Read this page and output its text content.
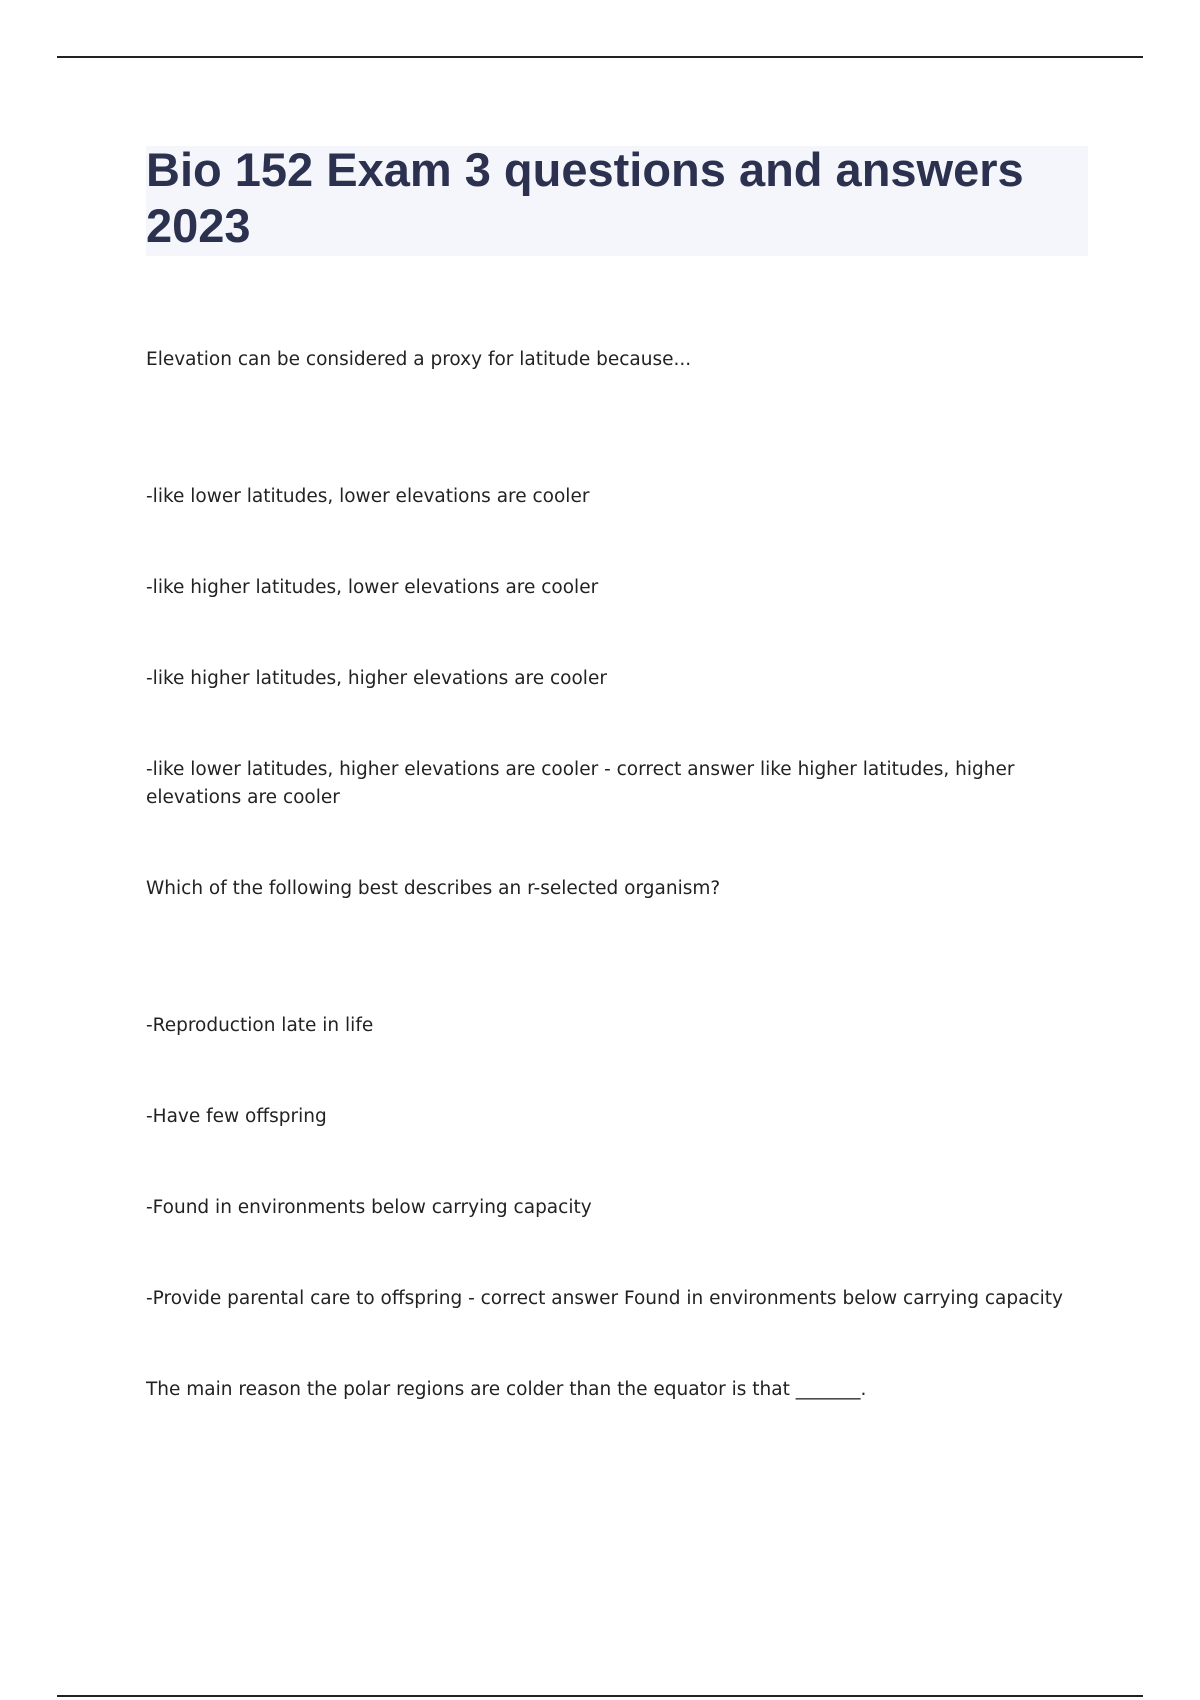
Bio 152 Exam 3 questions and answers 2023

Elevation can be considered a proxy for latitude because...

-like lower latitudes, lower elevations are cooler

-like higher latitudes, lower elevations are cooler

-like higher latitudes, higher elevations are cooler

-like lower latitudes, higher elevations are cooler - correct answer like higher latitudes, higher elevations are cooler

Which of the following best describes an r-selected organism?

-Reproduction late in life

-Have few offspring

-Found in environments below carrying capacity

-Provide parental care to offspring - correct answer Found in environments below carrying capacity

The main reason the polar regions are colder than the equator is that _______.
